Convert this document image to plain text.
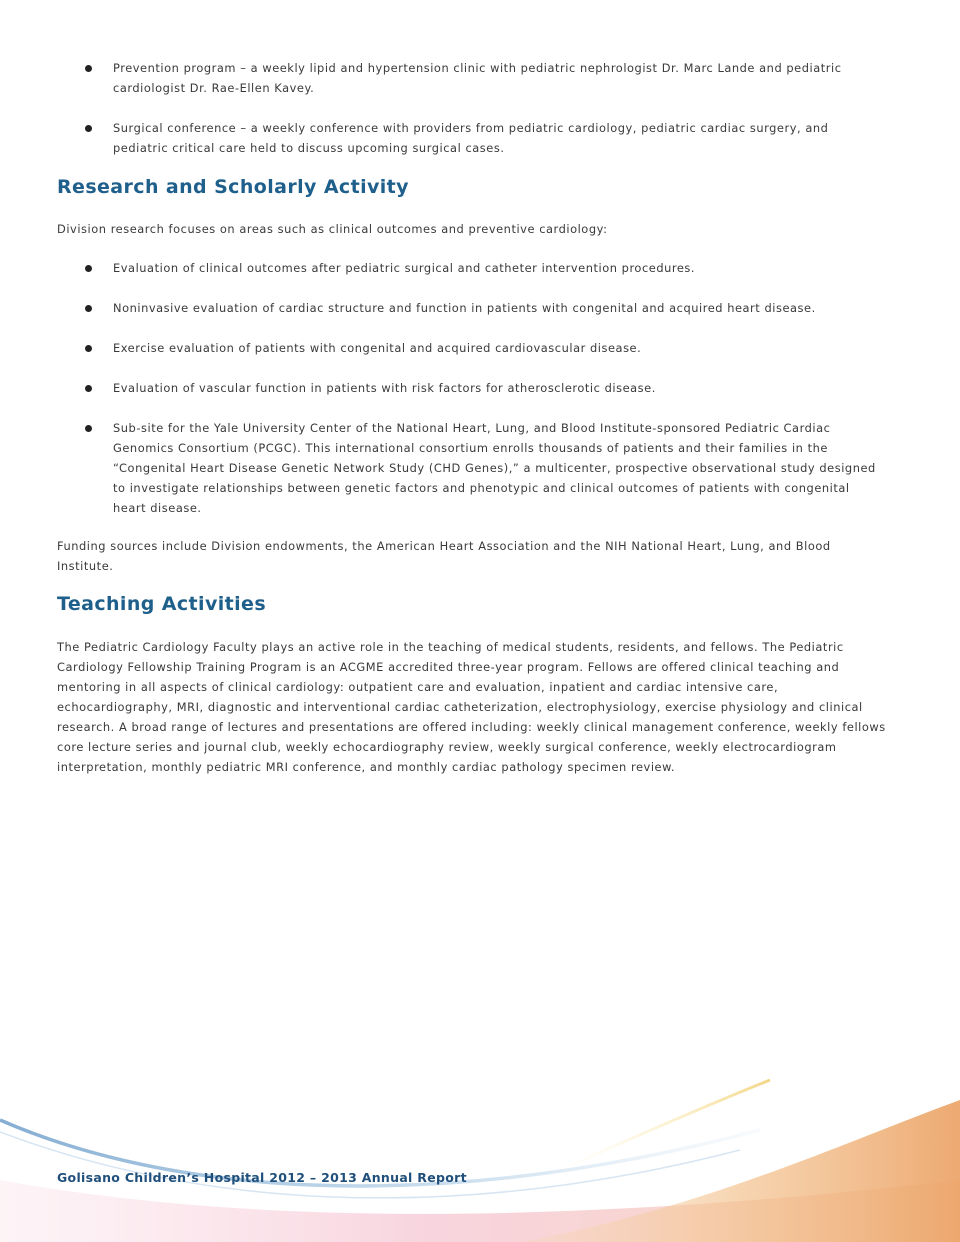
Prevention program – a weekly lipid and hypertension clinic with pediatric nephrologist Dr. Marc Lande and pediatric cardiologist Dr. Rae-Ellen Kavey.
Surgical conference – a weekly conference with providers from pediatric cardiology, pediatric cardiac surgery, and pediatric critical care held to discuss upcoming surgical cases.
Research and Scholarly Activity

Division research focuses on areas such as clinical outcomes and preventive cardiology:

Evaluation of clinical outcomes after pediatric surgical and catheter intervention procedures.
Noninvasive evaluation of cardiac structure and function in patients with congenital and acquired heart disease.
Exercise evaluation of patients with congenital and acquired cardiovascular disease.
Evaluation of vascular function in patients with risk factors for atherosclerotic disease.
Sub-site for the Yale University Center of the National Heart, Lung, and Blood Institute-sponsored Pediatric Cardiac Genomics Consortium (PCGC). This international consortium enrolls thousands of patients and their families in the “Congenital Heart Disease Genetic Network Study (CHD Genes),” a multicenter, prospective observational study designed to investigate relationships between genetic factors and phenotypic and clinical outcomes of patients with congenital heart disease.

Funding sources include Division endowments, the American Heart Association and the NIH National Heart, Lung, and Blood Institute.

Teaching Activities

The Pediatric Cardiology Faculty plays an active role in the teaching of medical students, residents, and fellows. The Pediatric Cardiology Fellowship Training Program is an ACGME accredited three-year program. Fellows are offered clinical teaching and mentoring in all aspects of clinical cardiology: outpatient care and evaluation, inpatient and cardiac intensive care, echocardiography, MRI, diagnostic and interventional cardiac catheterization, electrophysiology, exercise physiology and clinical research. A broad range of lectures and presentations are offered including: weekly clinical management conference, weekly fellows core lecture series and journal club, weekly echocardiography review, weekly surgical conference, weekly electrocardiogram interpretation, monthly pediatric MRI conference, and monthly cardiac pathology specimen review.

Golisano Children’s Hospital 2012 – 2013 Annual Report
